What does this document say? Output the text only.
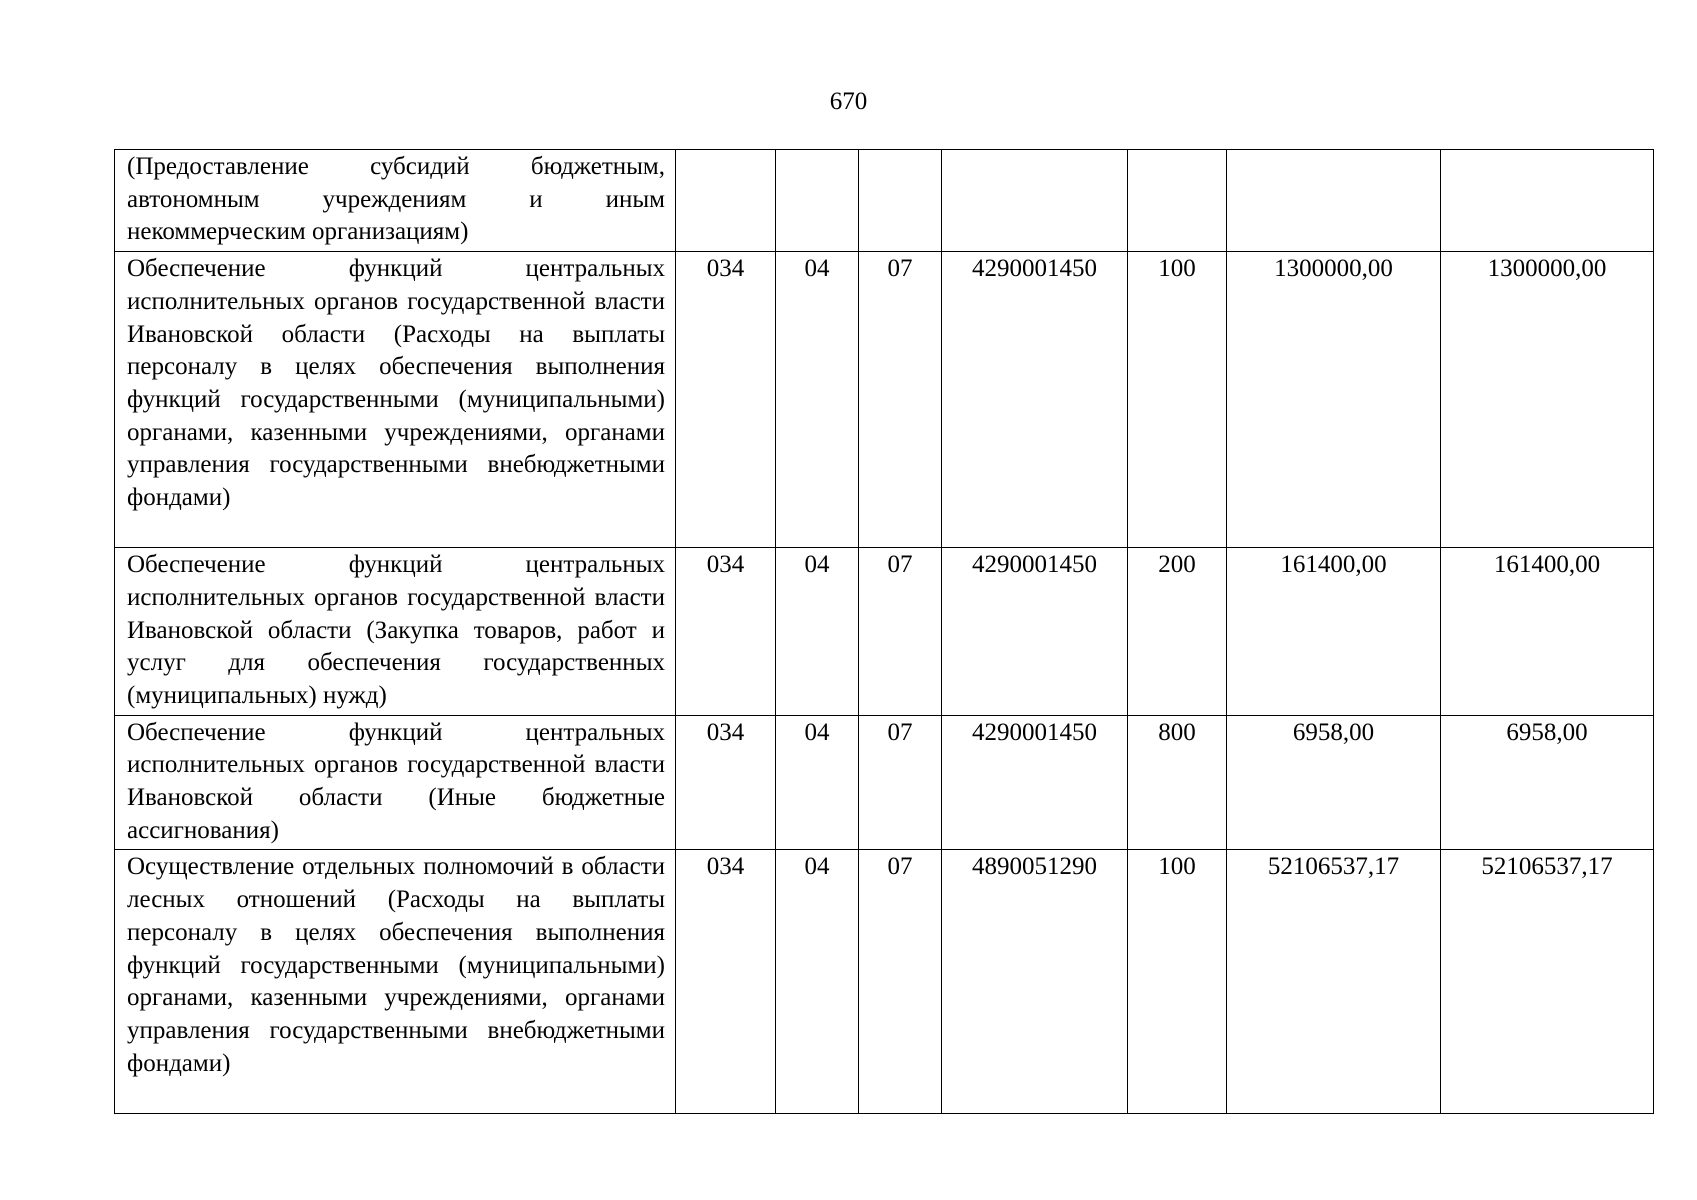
670
(Предоставление субсидий бюджетным, автономным учреждениям и иным некоммерческим организациям)							
Обеспечение функций центральных исполнительных органов государственной власти Ивановской области (Расходы на выплаты персоналу в целях обеспечения выполнения функций государственными (муниципальными) органами, казенными учреждениями, органами управления государственными внебюджетными фондами)	034	04	07	4290001450	100	1300000,00	1300000,00
Обеспечение функций центральных исполнительных органов государственной власти Ивановской области (Закупка товаров, работ и услуг для обеспечения государственных (муниципальных) нужд)	034	04	07	4290001450	200	161400,00	161400,00
Обеспечение функций центральных исполнительных органов государственной власти Ивановской области (Иные бюджетные ассигнования)	034	04	07	4290001450	800	6958,00	6958,00
Осуществление отдельных полномочий в области лесных отношений (Расходы на выплаты персоналу в целях обеспечения выполнения функций государственными (муниципальными) органами, казенными учреждениями, органами управления государственными внебюджетными фондами)	034	04	07	4890051290	100	52106537,17	52106537,17
